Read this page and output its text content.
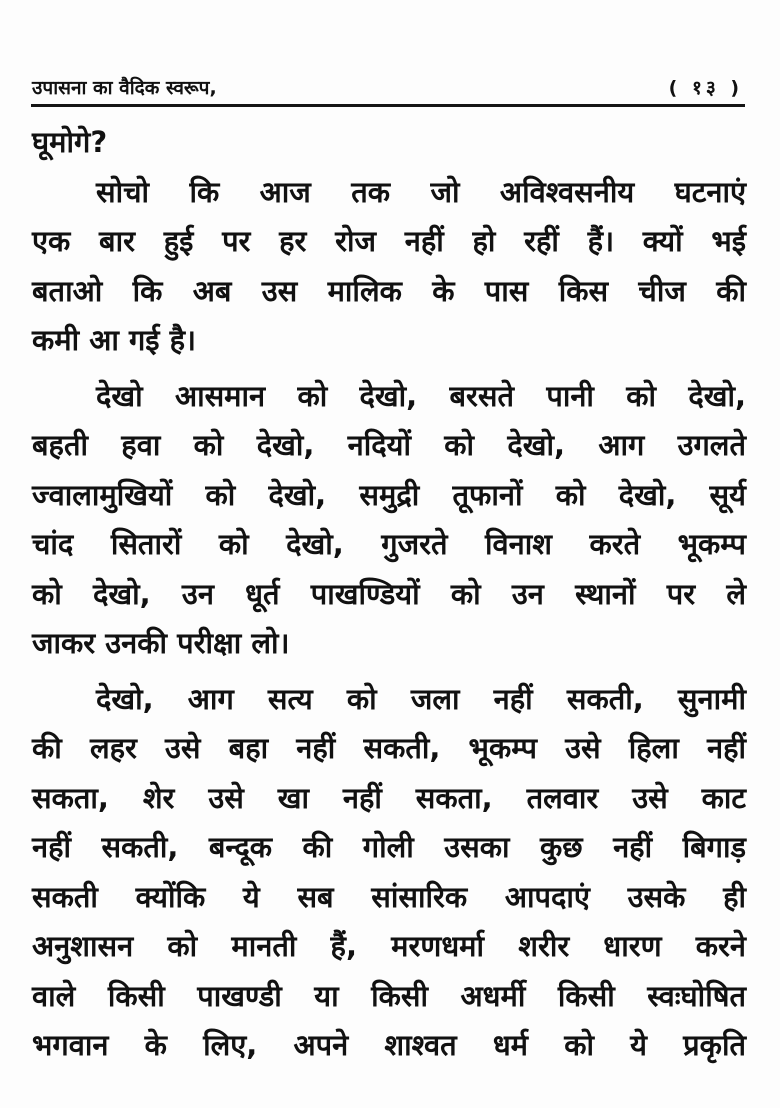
उपासना का वैदिक स्वरूप,	( १३ )
घूमोगे?
सोचो कि आज तक जो अविश्वसनीय घटनाएं
एक बार हुई पर हर रोज नहीं हो रहीं हैं। क्यों भई
बताओ कि अब उस मालिक के पास किस चीज की
कमी आ गई है।
देखो आसमान को देखो, बरसते पानी को देखो,
बहती हवा को देखो, नदियों को देखो, आग उगलते
ज्वालामुखियों को देखो, समुद्री तूफानों को देखो, सूर्य
चांद सितारों को देखो, गुजरते विनाश करते भूकम्प
को देखो, उन धूर्त पाखण्डियों को उन स्थानों पर ले
जाकर उनकी परीक्षा लो।
देखो, आग सत्य को जला नहीं सकती, सुनामी
की लहर उसे बहा नहीं सकती, भूकम्प उसे हिला नहीं
सकता, शेर उसे खा नहीं सकता, तलवार उसे काट
नहीं सकती, बन्दूक की गोली उसका कुछ नहीं बिगाड़
सकती क्योंकि ये सब सांसारिक आपदाएं उसके ही
अनुशासन को मानती हैं, मरणधर्मा शरीर धारण करने
वाले किसी पाखण्डी या किसी अधर्मी किसी स्वःघोषित
भगवान के लिए, अपने शाश्वत धर्म को ये प्रकृति
